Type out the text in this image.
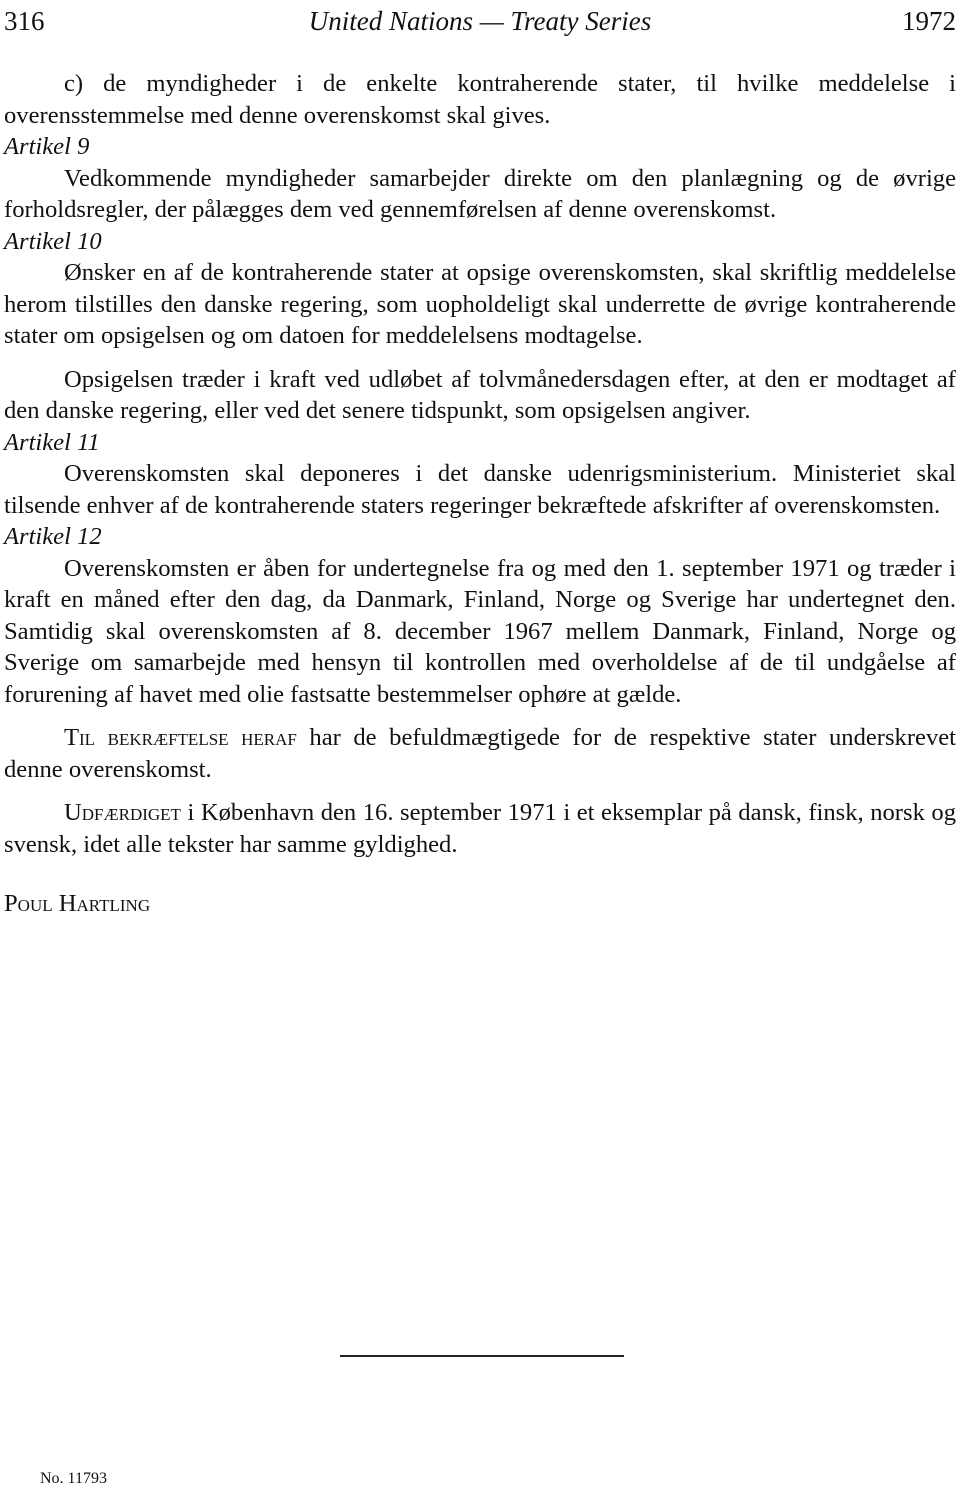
316	United Nations — Treaty Series	1972

c) de myndigheder i de enkelte kontraherende stater, til hvilke meddelelse i overensstemmelse med denne overenskomst skal gives.

Artikel 9

Vedkommende myndigheder samarbejder direkte om den planlægning og de øvrige forholdsregler, der pålægges dem ved gennemførelsen af denne overenskomst.

Artikel 10

Ønsker en af de kontraherende stater at opsige overenskomsten, skal skriftlig meddelelse herom tilstilles den danske regering, som uopholdeligt skal underrette de øvrige kontraherende stater om opsigelsen og om datoen for meddelelsens modtagelse.

Opsigelsen træder i kraft ved udløbet af tolvmånedersdagen efter, at den er modtaget af den danske regering, eller ved det senere tidspunkt, som opsigelsen angiver.

Artikel 11

Overenskomsten skal deponeres i det danske udenrigsministerium. Ministeriet skal tilsende enhver af de kontraherende staters regeringer bekræftede afskrifter af overenskomsten.

Artikel 12

Overenskomsten er åben for undertegnelse fra og med den 1. september 1971 og træder i kraft en måned efter den dag, da Danmark, Finland, Norge og Sverige har undertegnet den. Samtidig skal overenskomsten af 8. december 1967 mellem Danmark, Finland, Norge og Sverige om samarbejde med hensyn til kontrollen med overholdelse af de til undgåelse af forurening af havet med olie fastsatte bestemmelser ophøre at gælde.

Til bekræftelse heraf har de befuldmægtigede for de respektive stater underskrevet denne overenskomst.

Udfærdiget i København den 16. september 1971 i et eksemplar på dansk, finsk, norsk og svensk, idet alle tekster har samme gyldighed.

Poul Hartling

No. 11793
